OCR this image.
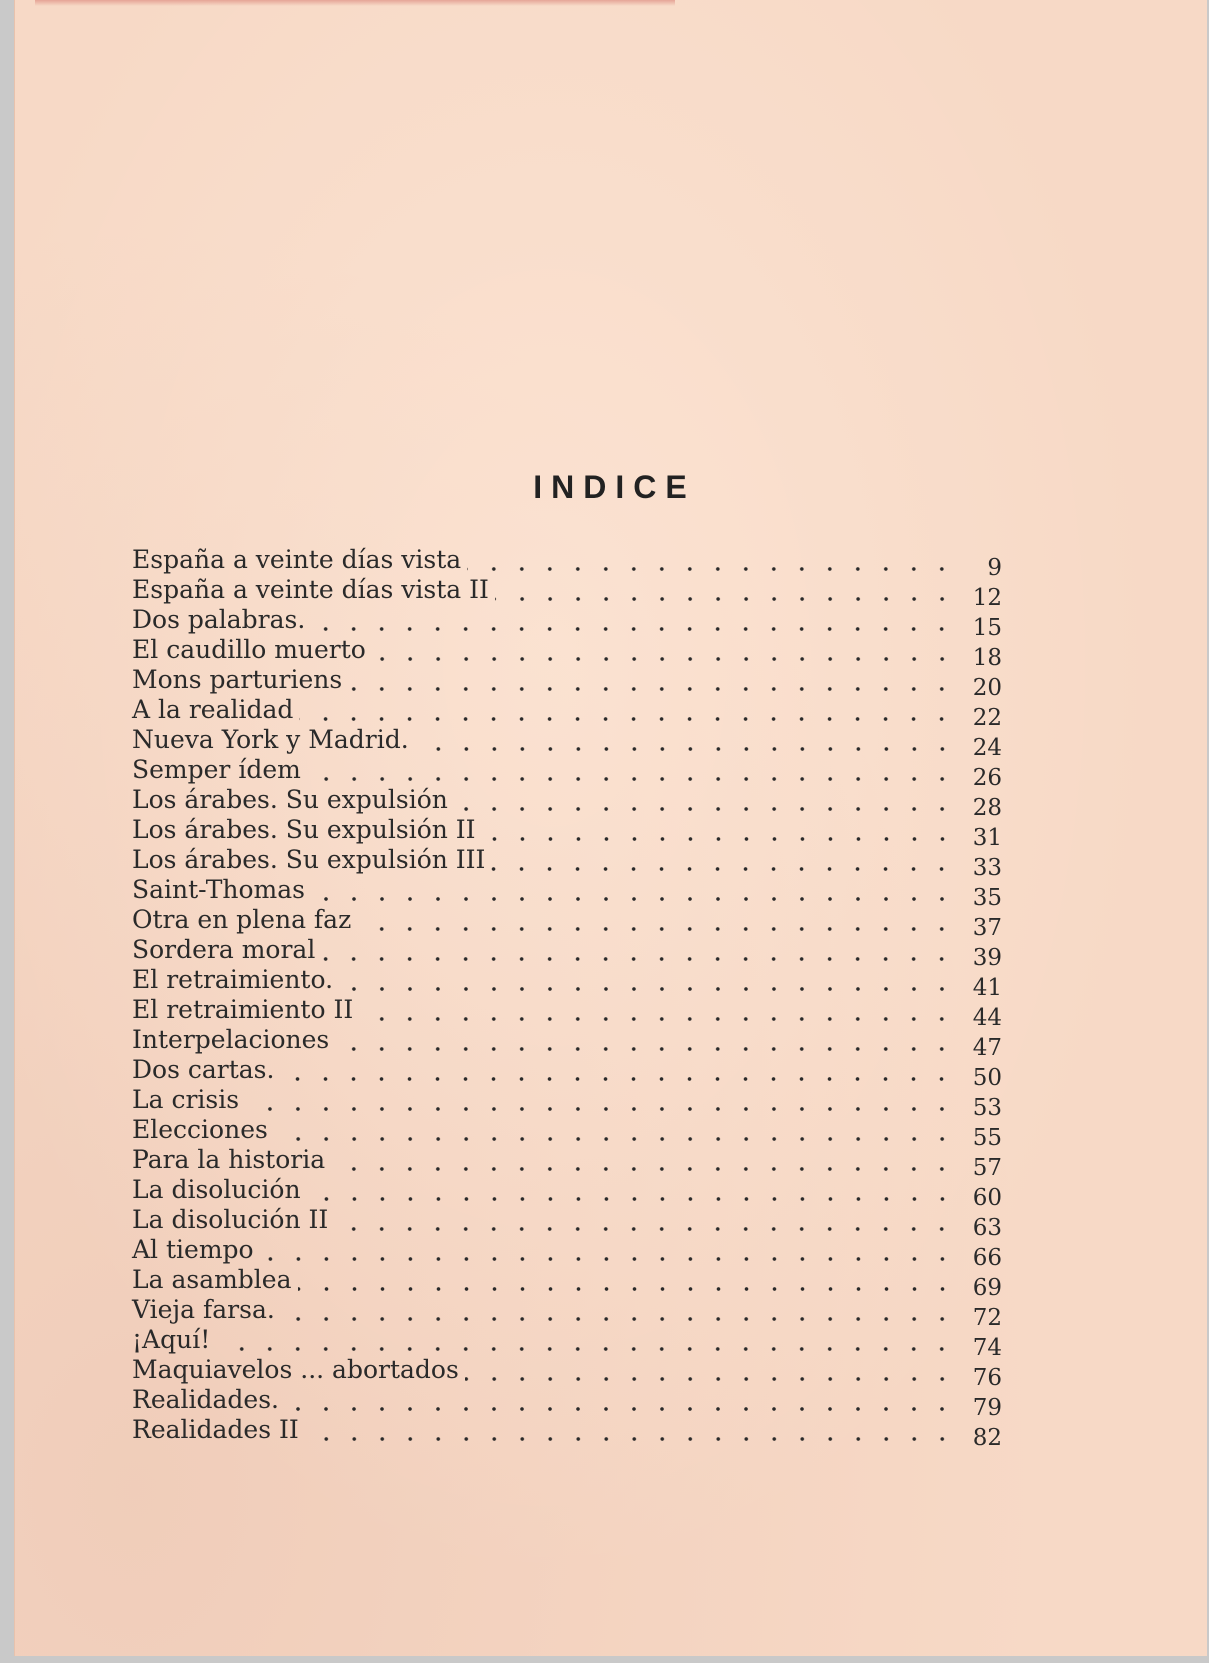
INDICE
España a veinte días vista	9
España a veinte días vista II	12
Dos palabras.	15
El caudillo muerto	18
Mons parturiens	20
A la realidad	22
Nueva York y Madrid.	24
Semper ídem	26
Los árabes. Su expulsión	28
Los árabes. Su expulsión II	31
Los árabes. Su expulsión III	33
Saint-Thomas	35
Otra en plena faz	37
Sordera moral	39
El retraimiento.	41
El retraimiento II	44
Interpelaciones	47
Dos cartas.	50
La crisis	53
Elecciones	55
Para la historia	57
La disolución	60
La disolución II	63
Al tiempo	66
La asamblea	69
Vieja farsa.	72
¡Aquí!	74
Maquiavelos ... abortados	76
Realidades.	79
Realidades II	82
